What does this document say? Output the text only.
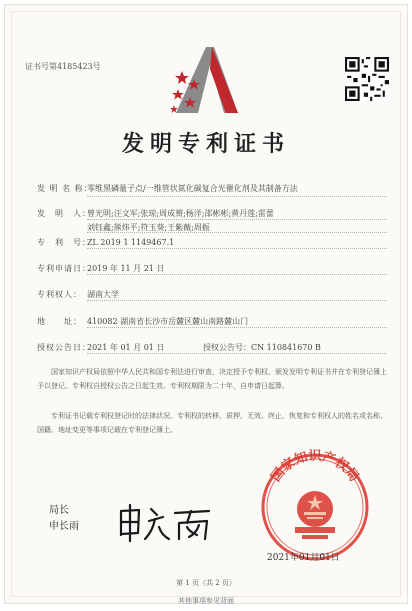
证书号第4185423号
发明专利证书
发 明 名 称：零维黑磷量子点/一维管状氮化碳复合光催化剂及其制备方法
发　明　人：曾光明;汪文军;张琼;周成赟;杨洋;邵彬彬;黄丹莲;雷蕾
刘钰鑫;熊炜平;符玉葵;王紫薇;周振
专　利　号：ZL 2019 1 1149467.1
专利申请日：2019 年 11 月 21 日
专利权人： 湖南大学
地　　址： 410082 湖南省长沙市岳麓区麓山南路麓山门
授权公告日：2021 年 01 月 01 日	授权公告号：CN 110841670 B
国家知识产权局依照中华人民共和国专利法进行审查，决定授予专利权，颁发发明专利证书并在专利登记簿上予以登记。专利权自授权公告之日起生效。专利权期限为二十年，自申请日起算。
专利证书记载专利权登记时的法律状况。专利权的转移、质押、无效、终止、恢复和专利权人的姓名或名称、国籍、地址变更等事项记载在专利登记簿上。
局长
申长雨
国家知识产权局
2021年01月01日
第 1 页（共 2 页）
其他事项参见背面
